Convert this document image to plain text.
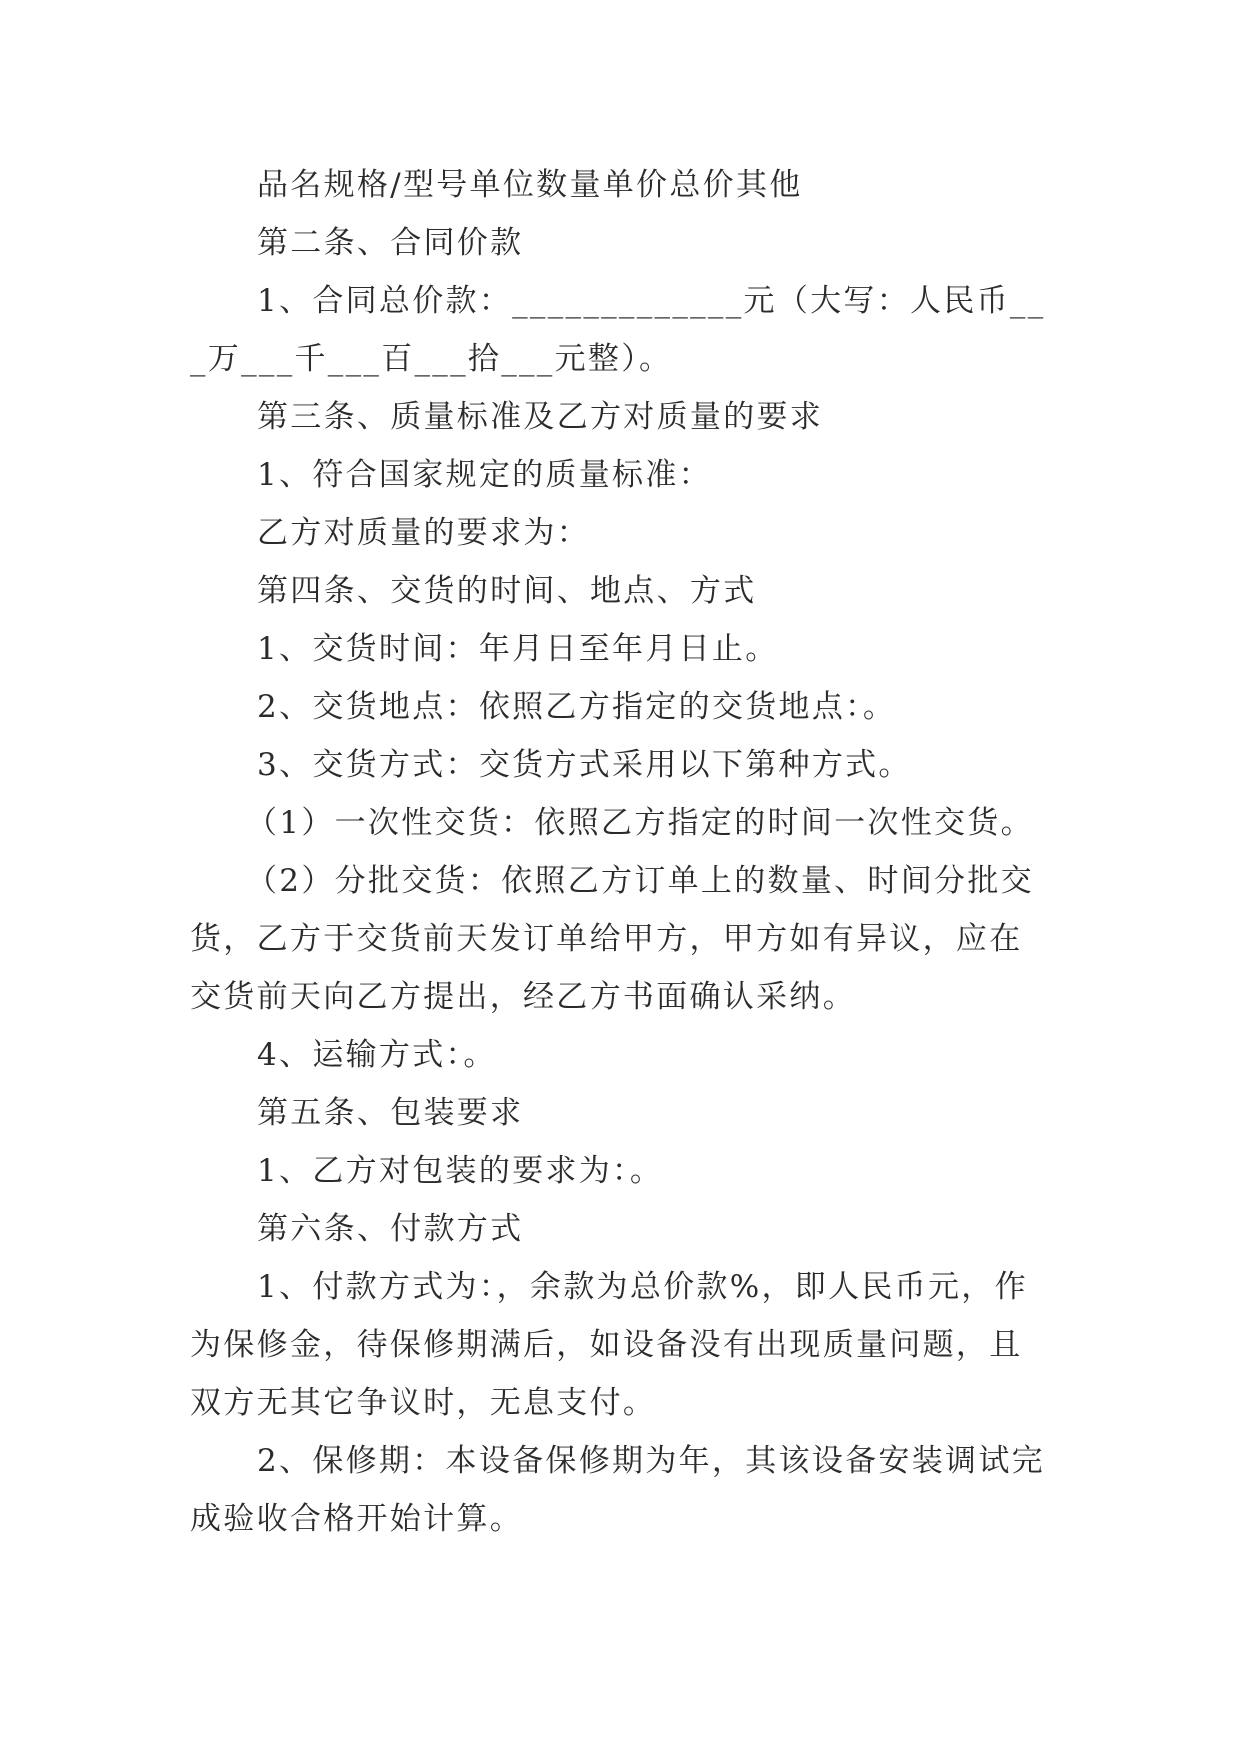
品名规格/型号单位数量单价总价其他

第二条、合同价款

1、合同总价款：_____________元（大写：人民币___万___千___百___拾___元整）。

第三条、质量标准及乙方对质量的要求

1、符合国家规定的质量标准：

乙方对质量的要求为：

第四条、交货的时间、地点、方式

1、交货时间：年月日至年月日止。

2、交货地点：依照乙方指定的交货地点：。

3、交货方式：交货方式采用以下第种方式。

（1）一次性交货：依照乙方指定的时间一次性交货。

（2）分批交货：依照乙方订单上的数量、时间分批交货，乙方于交货前天发订单给甲方，甲方如有异议，应在交货前天向乙方提出，经乙方书面确认采纳。

4、运输方式：。

第五条、包装要求

1、乙方对包装的要求为：。

第六条、付款方式

1、付款方式为：，余款为总价款%，即人民币元，作为保修金，待保修期满后，如设备没有出现质量问题，且双方无其它争议时，无息支付。

2、保修期：本设备保修期为年，其该设备安装调试完成验收合格开始计算。
